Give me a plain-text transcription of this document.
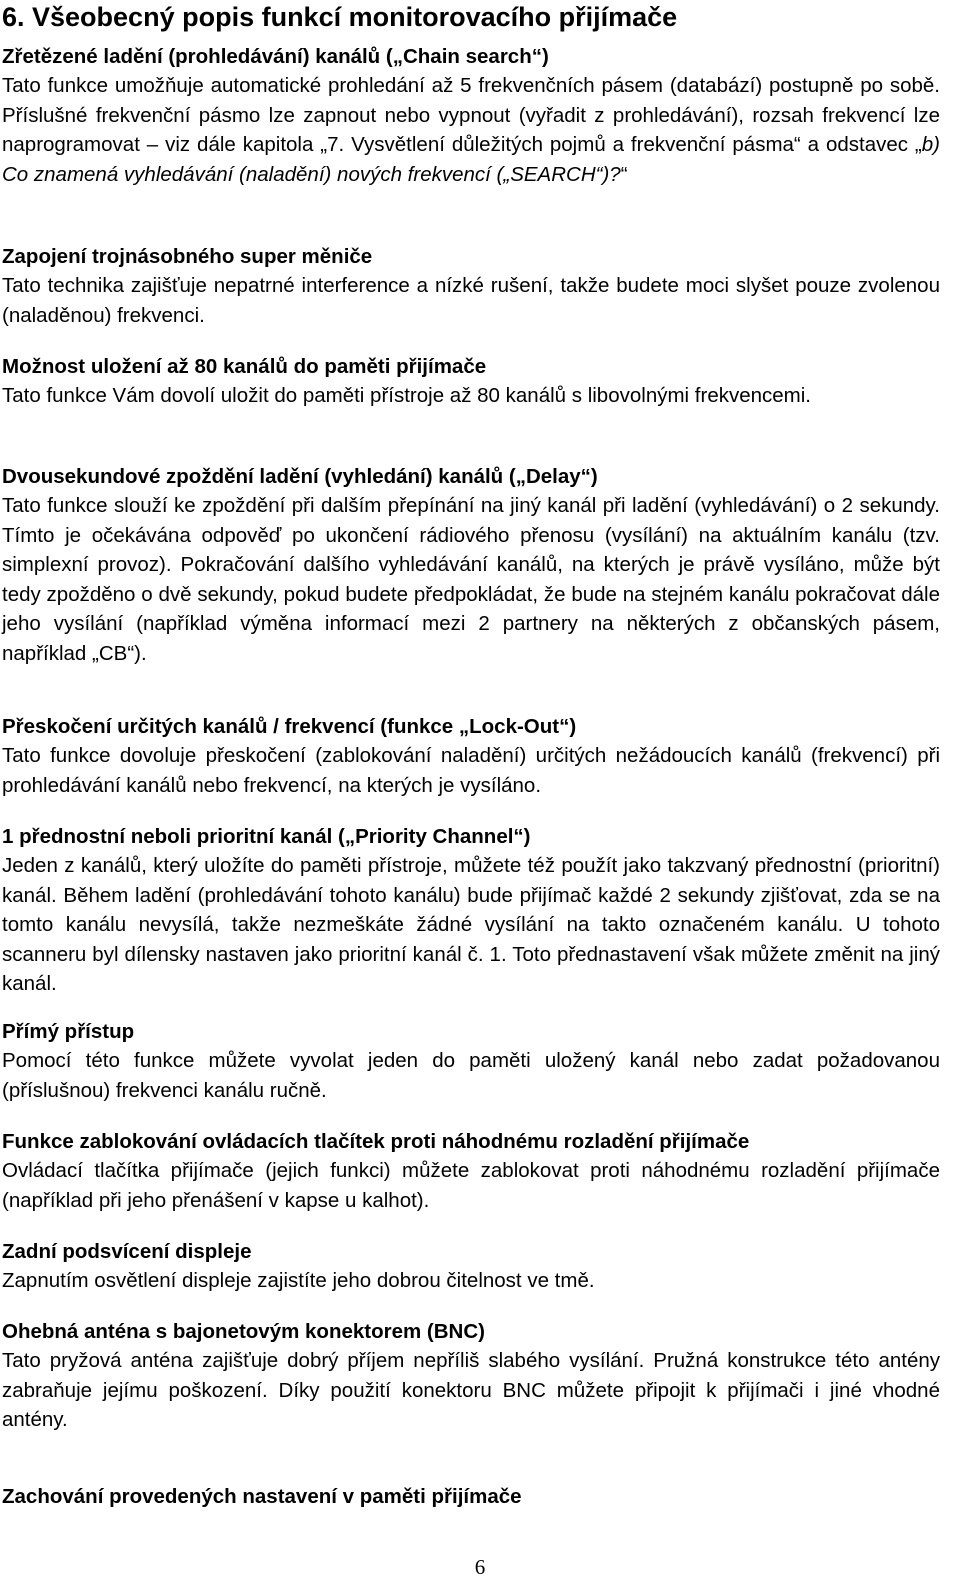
6. Všeobecný popis funkcí monitorovacího přijímače
Zřetězené ladění (prohledávání) kanálů („Chain search“)
Tato funkce umožňuje automatické prohledání až 5 frekvenčních pásem (databází) postupně po sobě. Příslušné frekvenční pásmo lze zapnout nebo vypnout (vyřadit z prohledávání), rozsah frekvencí lze naprogramovat – viz dále kapitola „7. Vysvětlení důležitých pojmů a frekvenční pásma“ a odstavec „b) Co znamená vyhledávání (naladění) nových frekvencí („SEARCH“)?“
Zapojení trojnásobného super měniče
Tato technika zajišťuje nepatrné interference a nízké rušení, takže budete moci slyšet pouze zvolenou (naladěnou) frekvenci.
Možnost uložení až 80 kanálů do paměti přijímače
Tato funkce Vám dovolí uložit do paměti přístroje až 80 kanálů s libovolnými frekvencemi.
Dvousekundové zpoždění ladění (vyhledání) kanálů („Delay“)
Tato funkce slouží ke zpoždění při dalším přepínání na jiný kanál při ladění (vyhledávání) o 2 sekundy. Tímto je očekávána odpověď po ukončení rádiového přenosu (vysílání) na aktuálním kanálu (tzv. simplexní provoz). Pokračování dalšího vyhledávání kanálů, na kterých je právě vysíláno, může být tedy zpožděno o dvě sekundy, pokud budete předpokládat, že bude na stejném kanálu pokračovat dále jeho vysílání (například výměna informací mezi 2 partnery na některých z občanských pásem, například „CB“).
Přeskočení určitých kanálů / frekvencí (funkce „Lock-Out“)
Tato funkce dovoluje přeskočení (zablokování naladění) určitých nežádoucích kanálů (frekvencí) při prohledávání kanálů nebo frekvencí, na kterých je vysíláno.
1 přednostní neboli prioritní kanál („Priority Channel“)
Jeden z kanálů, který uložíte do paměti přístroje, můžete též použít jako takzvaný přednostní (prioritní) kanál. Během ladění (prohledávání tohoto kanálu) bude přijímač každé 2 sekundy zjišťovat, zda se na tomto kanálu nevysílá, takže nezmeškáte žádné vysílání na takto označeném kanálu. U tohoto scanneru byl dílensky nastaven jako prioritní kanál č. 1. Toto přednastavení však můžete změnit na jiný kanál.
Přímý přístup
Pomocí této funkce můžete vyvolat jeden do paměti uložený kanál nebo zadat požadovanou (příslušnou) frekvenci kanálu ručně.
Funkce zablokování ovládacích tlačítek proti náhodnému rozladění přijímače
Ovládací tlačítka přijímače (jejich funkci) můžete zablokovat proti náhodnému rozladění přijímače (například při jeho přenášení v kapse u kalhot).
Zadní podsvícení displeje
Zapnutím osvětlení displeje zajistíte jeho dobrou čitelnost ve tmě.
Ohebná anténa s bajonetovým konektorem (BNC)
Tato pryžová anténa zajišťuje dobrý příjem nepříliš slabého vysílání. Pružná konstrukce této antény zabraňuje jejímu poškození. Díky použití konektoru BNC můžete připojit k přijímači i jiné vhodné antény.
Zachování provedených nastavení v paměti přijímače
6
